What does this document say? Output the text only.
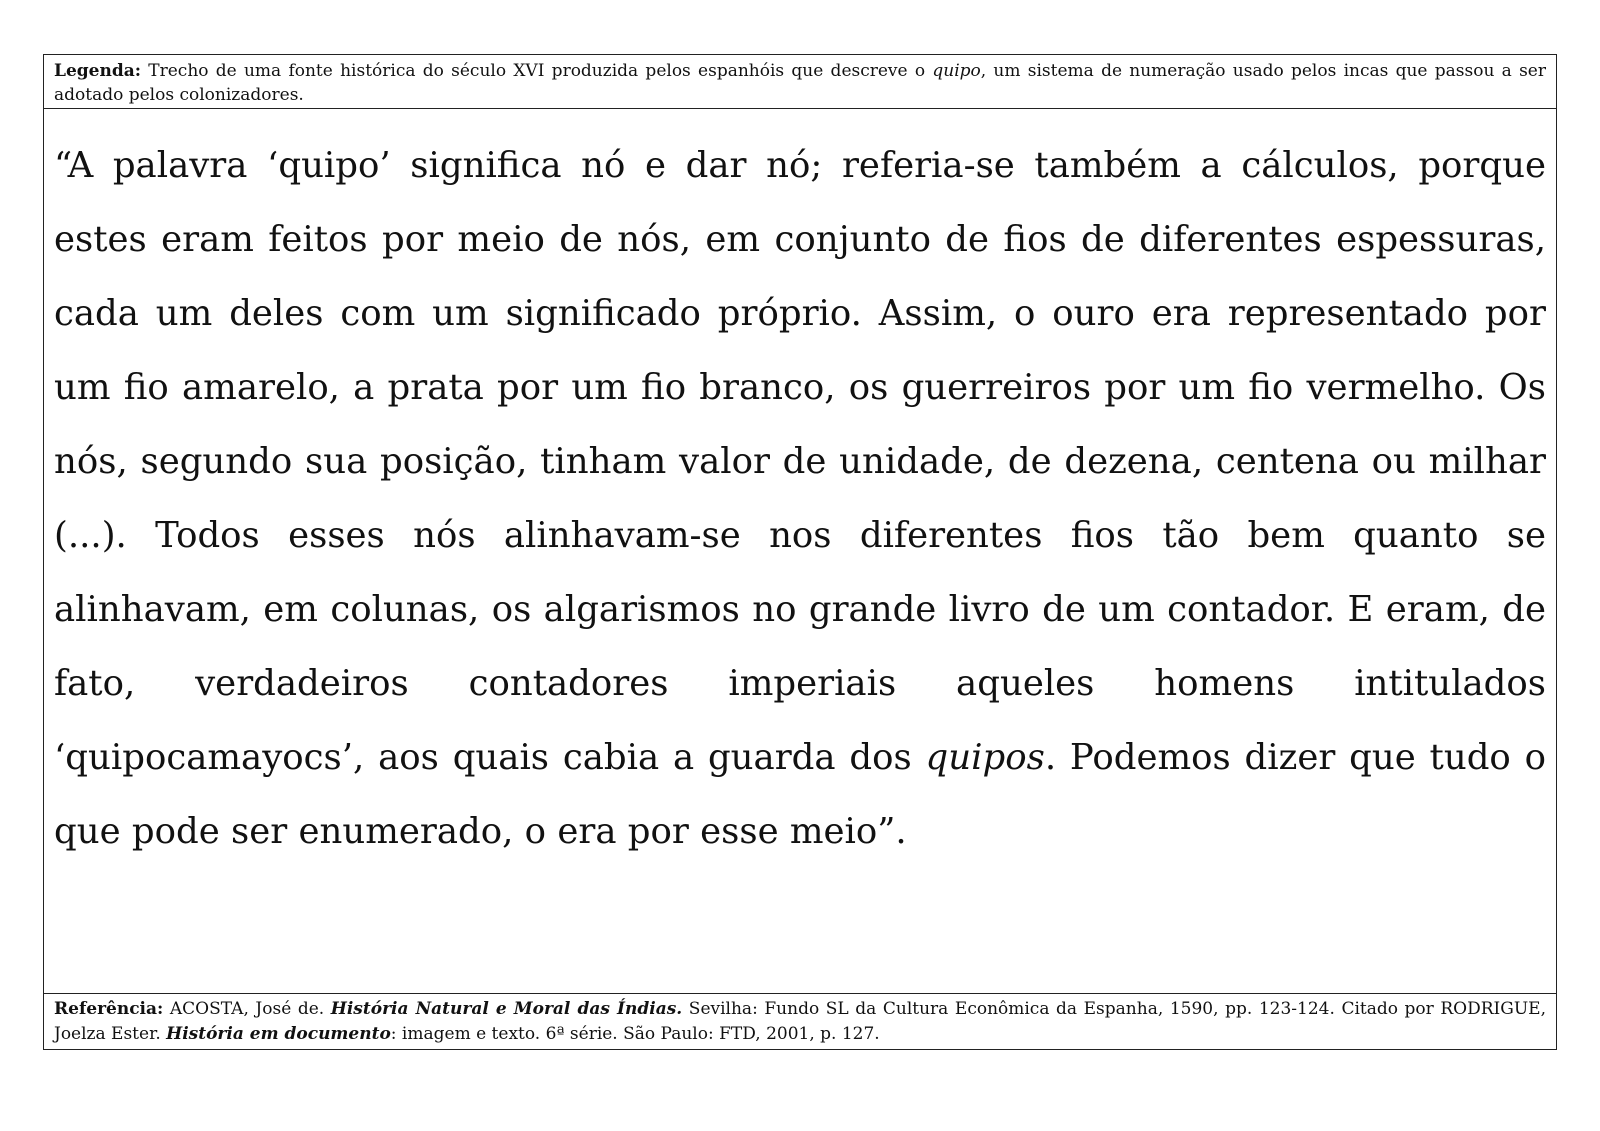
Legenda: Trecho de uma fonte histórica do século XVI produzida pelos espanhóis que descreve o quipo, um sistema de numeração usado pelos incas que passou a ser adotado pelos colonizadores.
“A palavra ‘quipo’ significa nó e dar nó; referia-se também a cálculos, porque estes eram feitos por meio de nós, em conjunto de fios de diferentes espessuras, cada um deles com um significado próprio. Assim, o ouro era representado por um fio amarelo, a prata por um fio branco, os guerreiros por um fio vermelho. Os nós, segundo sua posição, tinham valor de unidade, de dezena, centena ou milhar (...). Todos esses nós alinhavam-se nos diferentes fios tão bem quanto se alinhavam, em colunas, os algarismos no grande livro de um contador. E eram, de fato, verdadeiros contadores imperiais aqueles homens intitulados ‘quipocamayocs’, aos quais cabia a guarda dos quipos. Podemos dizer que tudo o que pode ser enumerado, o era por esse meio”.
Referência: ACOSTA, José de. História Natural e Moral das Índias. Sevilha: Fundo SL da Cultura Econômica da Espanha, 1590, pp. 123-124. Citado por RODRIGUE, Joelza Ester. História em documento: imagem e texto. 6ª série. São Paulo: FTD, 2001, p. 127.
